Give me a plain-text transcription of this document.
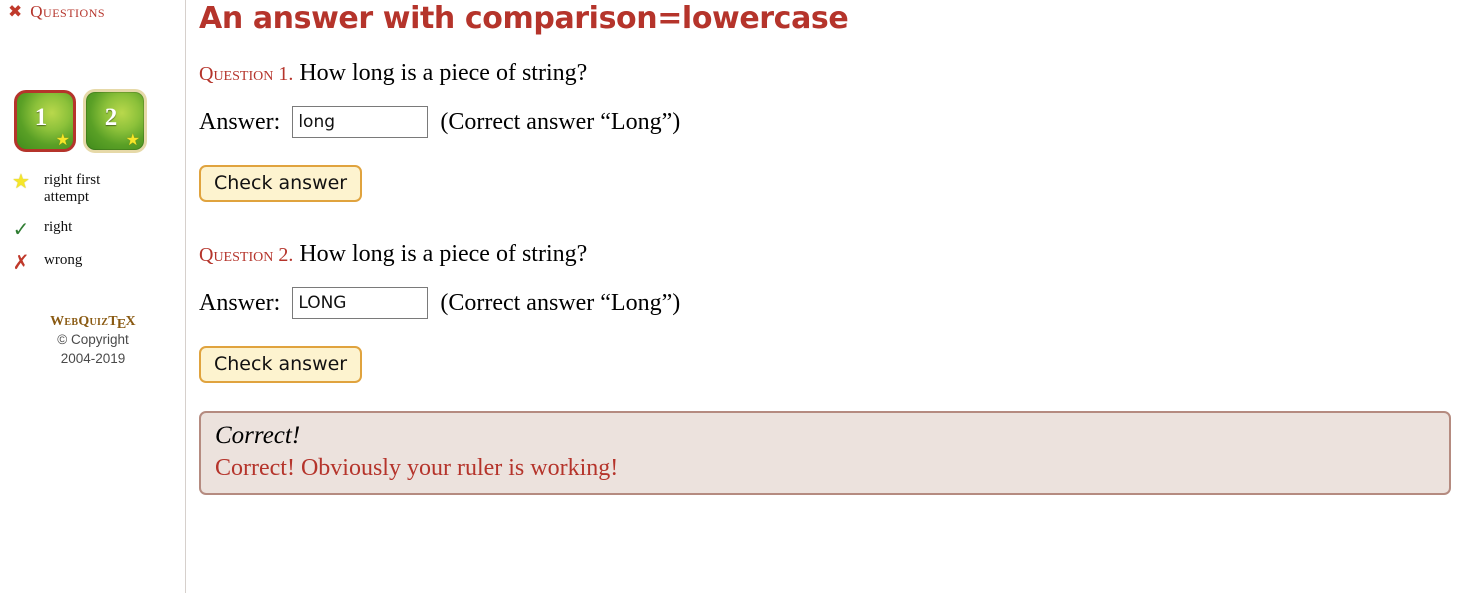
✖ Questions
1
★
2
★
★ right first attempt
✓ right
✗ wrong
WebQuizTEX
© Copyright
2004-2019
An answer with comparison=lowercase
Question 1. How long is a piece of string?
Answer:
long	(Correct answer “Long”)
Check answer
Question 2. How long is a piece of string?
Answer:
LONG	(Correct answer “Long”)
Check answer
Correct!
Correct! Obviously your ruler is working!
